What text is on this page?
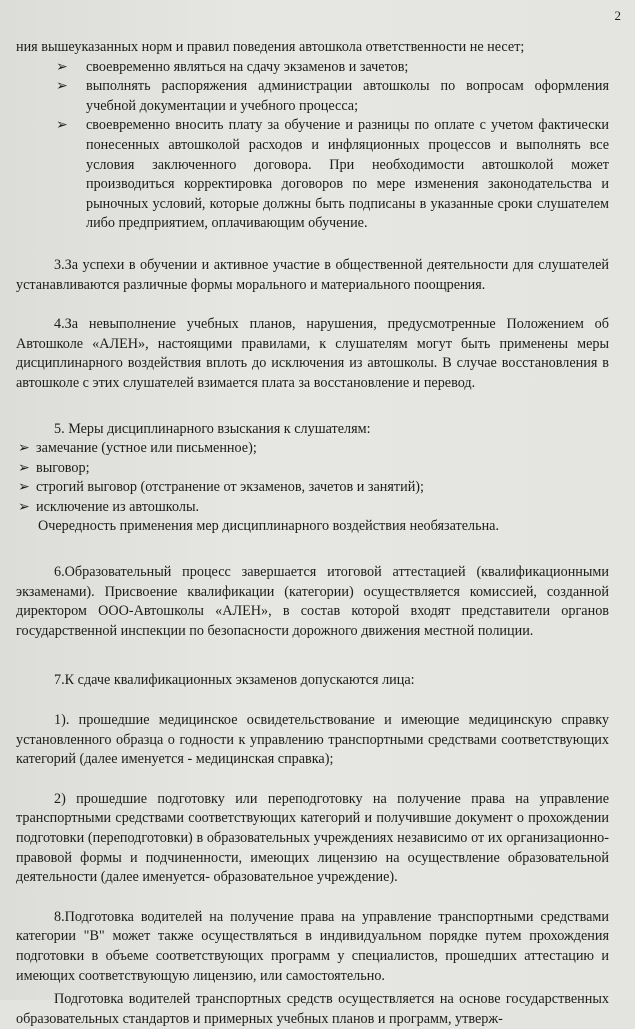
2

ния вышеуказанных норм и правил поведения автошкола ответственности не несет;

➢ своевременно являться на сдачу экзаменов и зачетов;
➢ выполнять распоряжения администрации автошколы по вопросам оформления учебной документации и учебного процесса;
➢ своевременно вносить плату за обучение и разницы по оплате с учетом фактически понесенных автошколой расходов и инфляционных процессов и выполнять все условия заключенного договора. При необходимости автошколой может производиться корректировка договоров по мере изменения законодательства и рыночных условий, которые должны быть подписаны в указанные сроки слушателем либо предприятием, оплачивающим обучение.

3.За успехи в обучении и активное участие в общественной деятельности для слушателей устанавливаются различные формы морального и материального поощрения.

4.За невыполнение учебных планов, нарушения, предусмотренные Положением об Автошколе «АЛЕН», настоящими правилами, к слушателям могут быть применены меры дисциплинарного воздействия вплоть до исключения из автошколы. В случае восстановления в автошколе с этих слушателей взимается плата за восстановление и перевод.

5. Меры дисциплинарного взыскания к слушателям:

➢ замечание (устное или письменное);
➢ выговор;
➢ строгий выговор (отстранение от экзаменов, зачетов и занятий);
➢ исключение из автошколы.

Очередность применения мер дисциплинарного воздействия необязательна.

6.Образовательный процесс завершается итоговой аттестацией (квалификационными экзаменами). Присвоение квалификации (категории) осуществляется комиссией, созданной директором ООО-Автошколы «АЛЕН», в состав которой входят представители органов государственной инспекции по безопасности дорожного движения местной полиции.

7.К сдаче квалификационных экзаменов допускаются лица:

1). прошедшие медицинское освидетельствование и имеющие медицинскую справку установленного образца о годности к управлению транспортными средствами соответствующих категорий (далее именуется - медицинская справка);

2) прошедшие подготовку или переподготовку на получение права на управление транспортными средствами соответствующих категорий и получившие документ о прохождении подготовки (переподготовки) в образовательных учреждениях независимо от их организационно- правовой формы и подчиненности, имеющих лицензию на осуществление образовательной деятельности (далее именуется- образовательное учреждение).

8.Подготовка водителей на получение права на управление транспортными средствами категории "В" может также осуществляться в индивидуальном порядке путем прохождения подготовки в объеме соответствующих программ у специалистов, прошедших аттестацию и имеющих соответствующую лицензию, или самостоятельно.

Подготовка водителей транспортных средств осуществляется на основе государственных образовательных стандартов и примерных учебных планов и программ, утверж-
